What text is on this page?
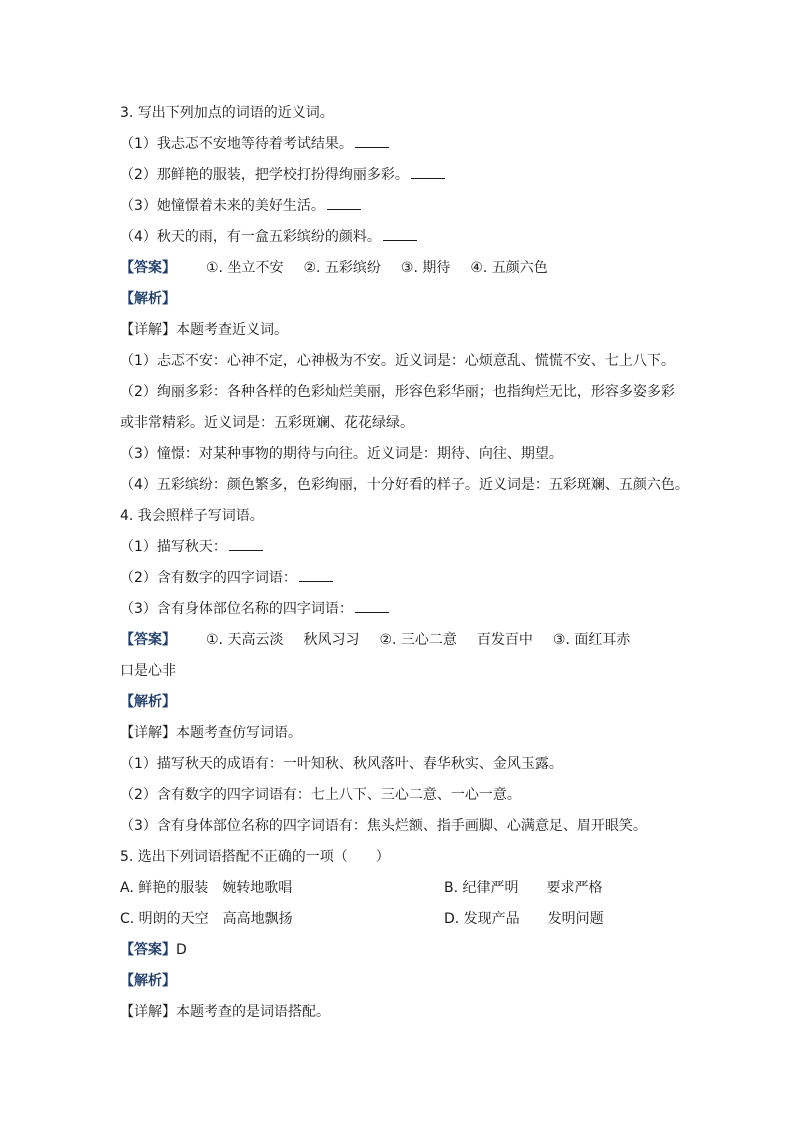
3. 写出下列加点的词语的近义词。
（1）我忐忑不安地等待着考试结果。
（2）那鲜艳的服装，把学校打扮得绚丽多彩。
（3）她憧憬着未来的美好生活。
（4）秋天的雨，有一盒五彩缤纷的颜料。
【答案】 ①. 坐立不安 ②. 五彩缤纷 ③. 期待 ④. 五颜六色
【解析】
【详解】本题考查近义词。
（1）忐忑不安：心神不定，心神极为不安。近义词是：心烦意乱、慌慌不安、七上八下。
（2）绚丽多彩：各种各样的色彩灿烂美丽，形容色彩华丽；也指绚烂无比，形容多姿多彩或非常精彩。近义词是：五彩斑斓、花花绿绿。
（3）憧憬：对某种事物的期待与向往。近义词是：期待、向往、期望。
（4）五彩缤纷：颜色繁多，色彩绚丽，十分好看的样子。近义词是：五彩斑斓、五颜六色。
4. 我会照样子写词语。
（1）描写秋天：
（2）含有数字的四字词语：
（3）含有身体部位名称的四字词语：
【答案】 ①. 天高云淡 秋风习习 ②. 三心二意 百发百中 ③. 面红耳赤
口是心非
【解析】
【详解】本题考查仿写词语。
（1）描写秋天的成语有：一叶知秋、秋风落叶、春华秋实、金风玉露。
（2）含有数字的四字词语有：七上八下、三心二意、一心一意。
（3）含有身体部位名称的四字词语有：焦头烂额、指手画脚、心满意足、眉开眼笑。
5. 选出下列词语搭配不正确的一项（　　）
A. 鲜艳的服装　婉转地歌唱	B. 纪律严明　　要求严格
C. 明朗的天空　高高地飘扬	D. 发现产品　　发明问题
【答案】D
【解析】
【详解】本题考查的是词语搭配。
